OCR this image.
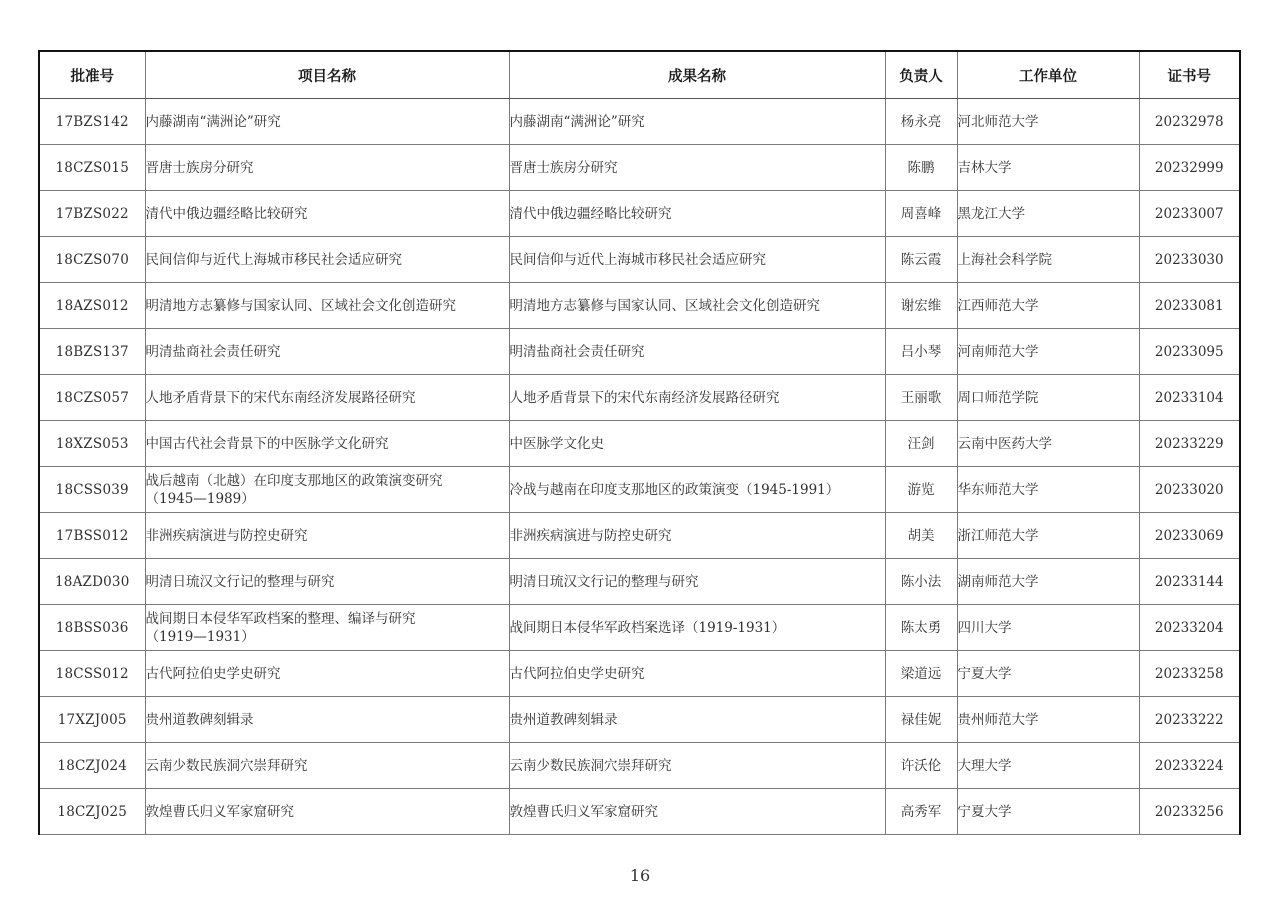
批准号	项目名称	成果名称	负责人	工作单位	证书号
17BZS142	内藤湖南“满洲论”研究	内藤湖南“满洲论”研究	杨永亮	河北师范大学	20232978
18CZS015	晋唐士族房分研究	晋唐士族房分研究	陈鹏	吉林大学	20232999
17BZS022	清代中俄边疆经略比较研究	清代中俄边疆经略比较研究	周喜峰	黑龙江大学	20233007
18CZS070	民间信仰与近代上海城市移民社会适应研究	民间信仰与近代上海城市移民社会适应研究	陈云霞	上海社会科学院	20233030
18AZS012	明清地方志纂修与国家认同、区域社会文化创造研究	明清地方志纂修与国家认同、区域社会文化创造研究	谢宏维	江西师范大学	20233081
18BZS137	明清盐商社会责任研究	明清盐商社会责任研究	吕小琴	河南师范大学	20233095
18CZS057	人地矛盾背景下的宋代东南经济发展路径研究	人地矛盾背景下的宋代东南经济发展路径研究	王丽歌	周口师范学院	20233104
18XZS053	中国古代社会背景下的中医脉学文化研究	中医脉学文化史	汪剑	云南中医药大学	20233229
18CSS039	战后越南（北越）在印度支那地区的政策演变研究
（1945—1989）	冷战与越南在印度支那地区的政策演变（1945-1991）	游览	华东师范大学	20233020
17BSS012	非洲疾病演进与防控史研究	非洲疾病演进与防控史研究	胡美	浙江师范大学	20233069
18AZD030	明清日琉汉文行记的整理与研究	明清日琉汉文行记的整理与研究	陈小法	湖南师范大学	20233144
18BSS036	战间期日本侵华军政档案的整理、编译与研究
（1919—1931）	战间期日本侵华军政档案选译（1919-1931）	陈太勇	四川大学	20233204
18CSS012	古代阿拉伯史学史研究	古代阿拉伯史学史研究	梁道远	宁夏大学	20233258
17XZJ005	贵州道教碑刻辑录	贵州道教碑刻辑录	禄佳妮	贵州师范大学	20233222
18CZJ024	云南少数民族洞穴崇拜研究	云南少数民族洞穴崇拜研究	许沃伦	大理大学	20233224
18CZJ025	敦煌曹氏归义军家窟研究	敦煌曹氏归义军家窟研究	高秀军	宁夏大学	20233256
16
